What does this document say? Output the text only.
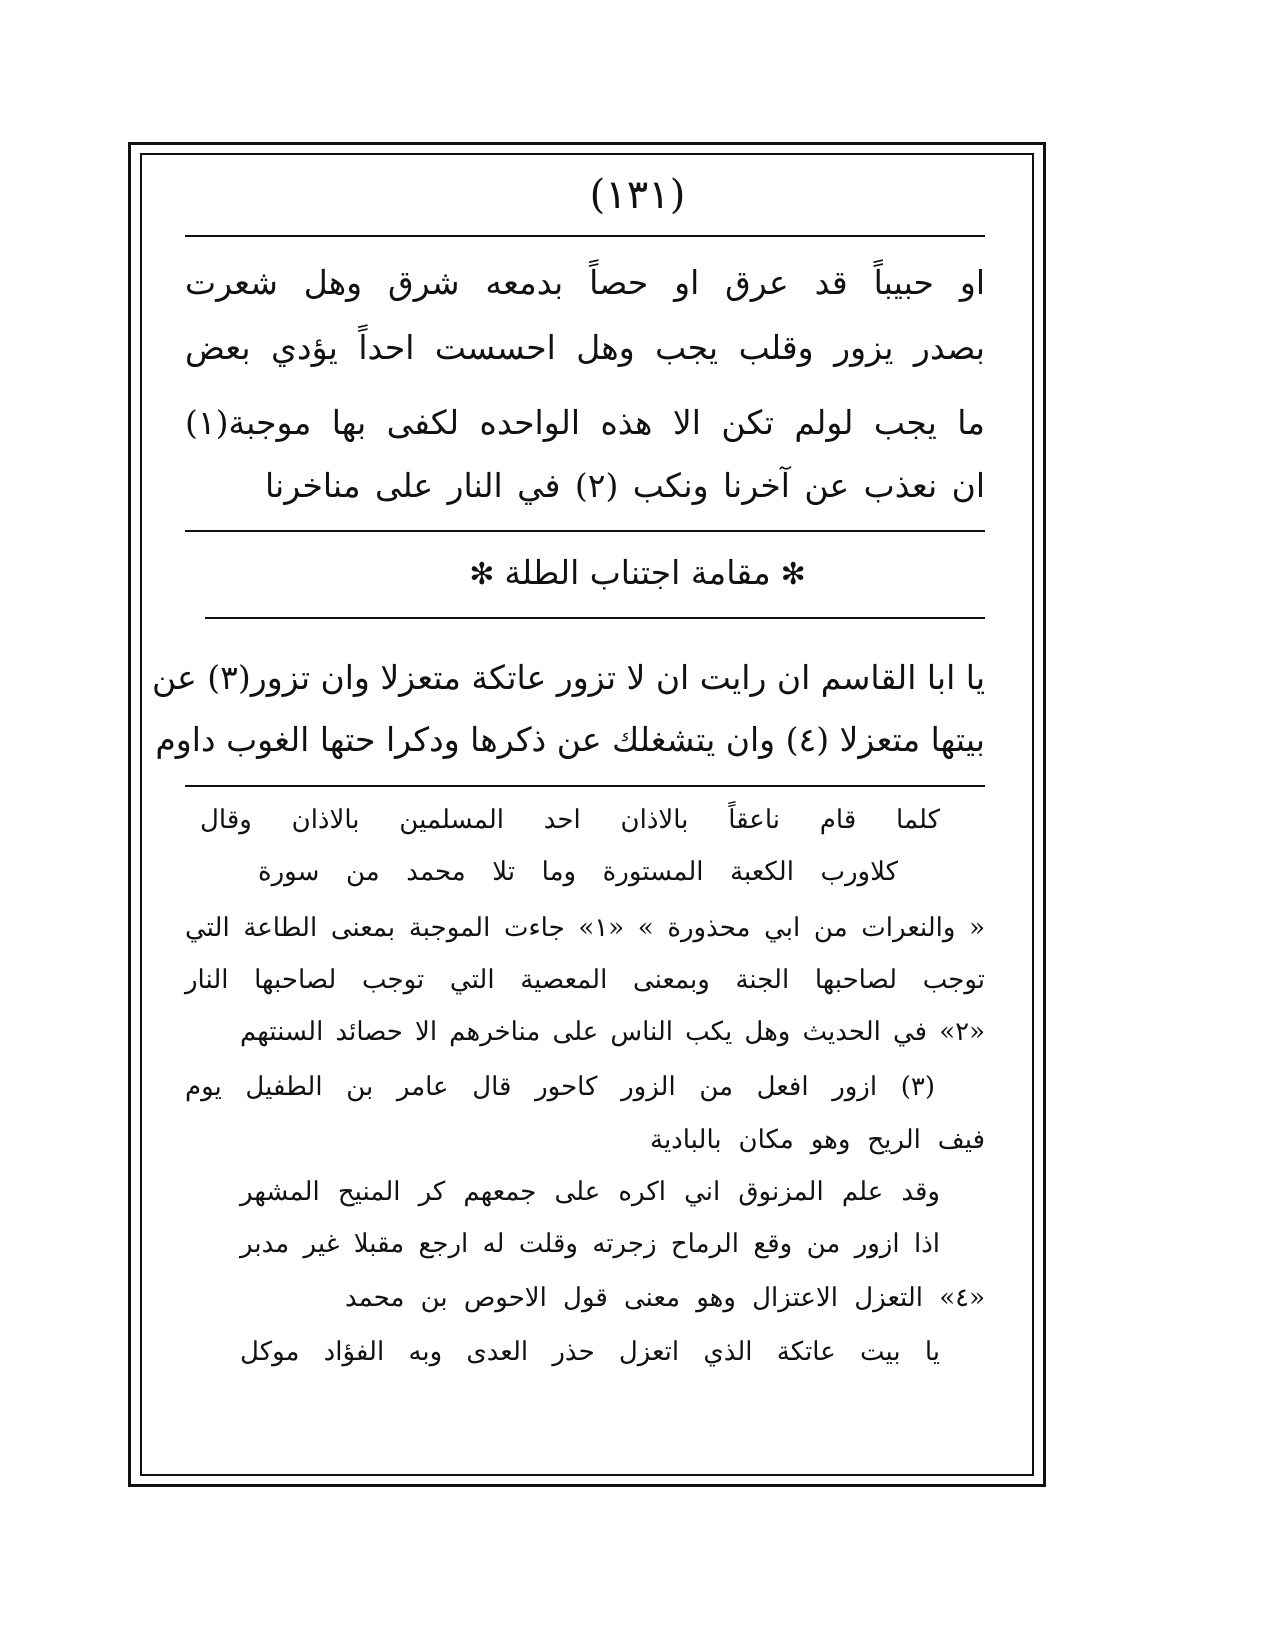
(١٣١)
او حبيباً قد عرق او حصاً بدمعه شرق وهل شعرت
بصدر يزور وقلب يجب وهل احسست احداً يؤدي بعض
ما يجب لولم تكن الا هذه الواحده لكفى بها موجبة(١)
ان نعذب عن آخرنا ونكب (٢) في النار على مناخرنا
✻مقامة اجتناب الطلة✻
يا ابا القاسم ان رايت ان لا تزور عاتكة متعزلا وان تزور(٣) عن
بيتها متعزلا (٤) وان يتشغلك عن ذكرها ودكرا حتها الغوب داوم
كلما قام ناعقاً بالاذان احد المسلمين بالاذان وقال
كلاورب الكعبة المستورة وما تلا محمد من سورة
« والنعرات من ابي محذورة » «١» جاءت الموجبة بمعنى الطاعة التي
توجب لصاحبها الجنة وبمعنى المعصية التي توجب لصاحبها النار
«٢» في الحديث وهل يكب الناس على مناخرهم الا حصائد السنتهم
(٣) ازور افعل من الزور كاحور قال عامر بن الطفيل يوم
فيف الريح وهو مكان بالبادية
وقد علم المزنوق اني اكره على جمعهم كر المنيح المشهر
اذا ازور من وقع الرماح زجرته وقلت له ارجع مقبلا غير مدبر
«٤» التعزل الاعتزال وهو معنى قول الاحوص بن محمد
يا بيت عاتكة الذي اتعزل حذر العدى وبه الفؤاد موكل
